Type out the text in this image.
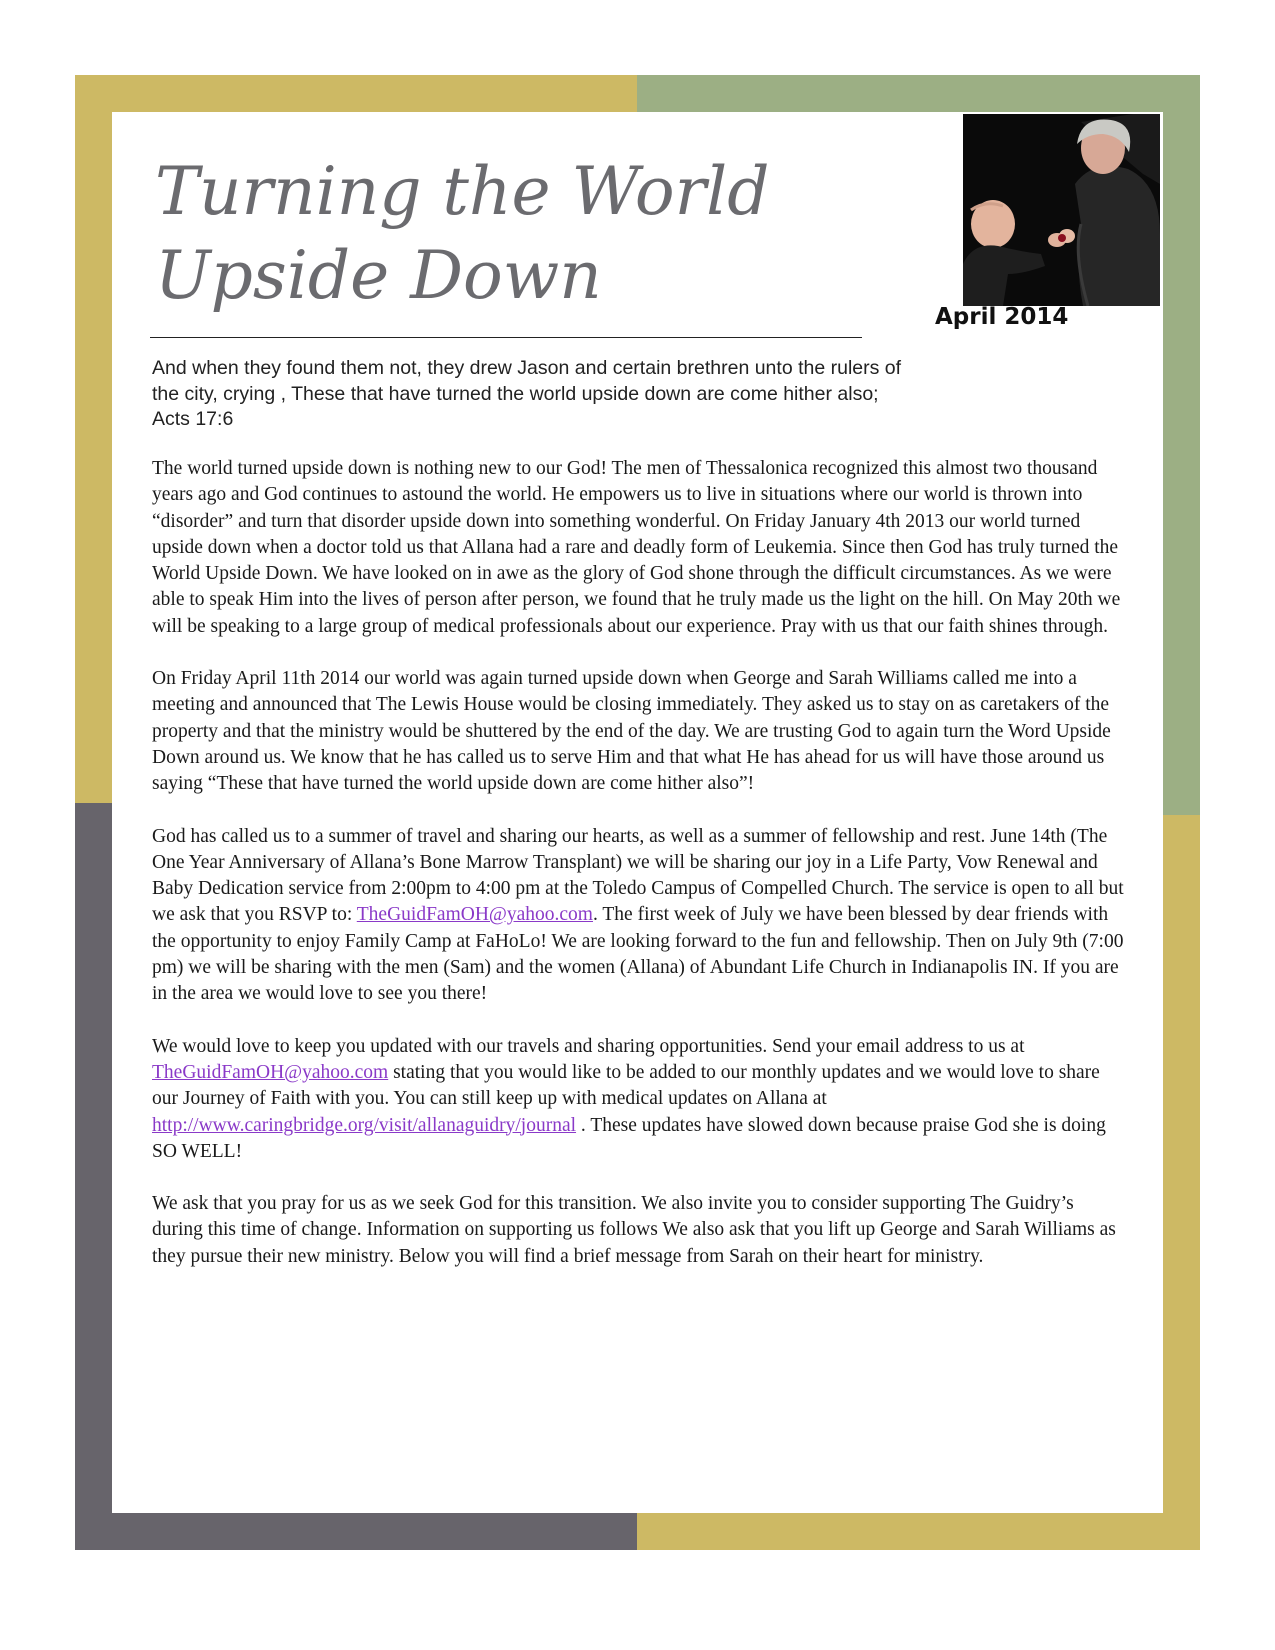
Turning the World
Upside Down
April 2014

And when they found them not, they drew Jason and certain brethren unto the rulers of

the city, crying , These that have turned the world upside down are come hither also;

Acts 17:6

The world turned upside down is nothing new to our God! The men of Thessalonica recognized this almost two thousand years ago and God continues to astound the world. He empowers us to live in situations where our world is thrown into “disorder” and turn that disorder upside down into something wonderful. On Friday January 4th 2013 our world turned upside down when a doctor told us that Allana had a rare and deadly form of Leukemia. Since then God has truly turned the World Upside Down. We have looked on in awe as the glory of God shone through the difficult circumstances. As we were able to speak Him into the lives of person after person, we found that he truly made us the light on the hill. On May 20th we will be speaking to a large group of medical professionals about our experience. Pray with us that our faith shines through.

On Friday April 11th 2014 our world was again turned upside down when George and Sarah Williams called me into a meeting and announced that The Lewis House would be closing immediately. They asked us to stay on as caretakers of the property and that the ministry would be shuttered by the end of the day. We are trusting God to again turn the Word Upside Down around us. We know that he has called us to serve Him and that what He has ahead for us will have those around us saying “These that have turned the world upside down are come hither also”!

God has called us to a summer of travel and sharing our hearts, as well as a summer of fellowship and rest. June 14th (The One Year Anniversary of Allana’s Bone Marrow Transplant) we will be sharing our joy in a Life Party, Vow Renewal and Baby Dedication service from 2:00pm to 4:00 pm at the Toledo Campus of Compelled Church. The service is open to all but we ask that you RSVP to: TheGuidFamOH@yahoo.com. The first week of July we have been blessed by dear friends with the opportunity to enjoy Family Camp at FaHoLo! We are looking forward to the fun and fellowship. Then on July 9th (7:00 pm) we will be sharing with the men (Sam) and the women (Allana) of Abundant Life Church in Indianapolis IN. If you are in the area we would love to see you there!

We would love to keep you updated with our travels and sharing opportunities. Send your email address to us at TheGuidFamOH@yahoo.com stating that you would like to be added to our monthly updates and we would love to share our Journey of Faith with you. You can still keep up with medical updates on Allana at http://www.caringbridge.org/visit/allanaguidry/journal . These updates have slowed down because praise God she is doing SO WELL!

We ask that you pray for us as we seek God for this transition. We also invite you to consider supporting The Guidry’s during this time of change. Information on supporting us follows We also ask that you lift up George and Sarah Williams as they pursue their new ministry. Below you will find a brief message from Sarah on their heart for ministry.
